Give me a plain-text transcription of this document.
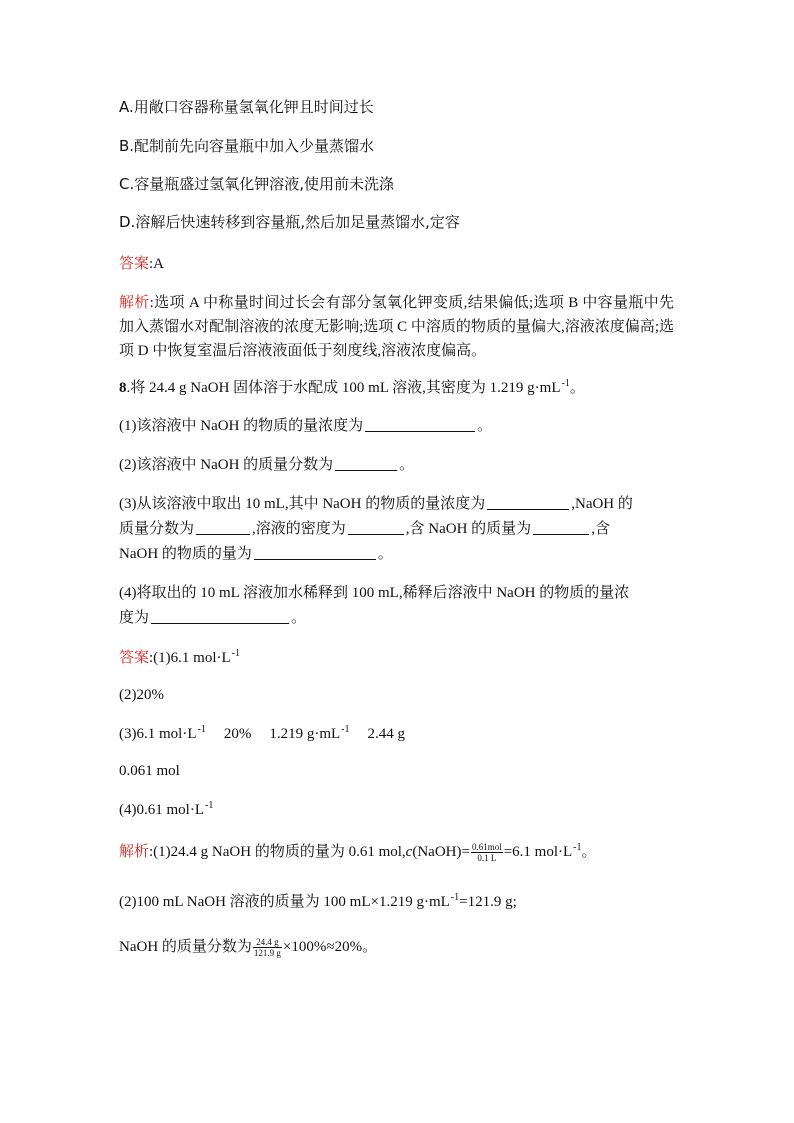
A.用敞口容器称量氢氧化钾且时间过长
B.配制前先向容量瓶中加入少量蒸馏水
C.容量瓶盛过氢氧化钾溶液,使用前未洗涤
D.溶解后快速转移到容量瓶,然后加足量蒸馏水,定容
答案:A
解析:选项 A 中称量时间过长会有部分氢氧化钾变质,结果偏低;选项 B 中容量瓶中先加入蒸馏水对配制溶液的浓度无影响;选项 C 中溶质的物质的量偏大,溶液浓度偏高;选项 D 中恢复室温后溶液液面低于刻度线,溶液浓度偏高。
8.将 24.4 g NaOH 固体溶于水配成 100 mL 溶液,其密度为 1.219 $g\cdot mL^{-1}$。
(1)该溶液中 NaOH 的物质的量浓度为	。
(2)该溶液中 NaOH 的质量分数为	。
(3)从该溶液中取出 10 mL,其中 NaOH 的物质的量浓度为	,NaOH 的
质量分数为	,溶液的密度为	,含 NaOH 的质量为	,含
NaOH 的物质的量为	。
(4)将取出的 10 mL 溶液加水稀释到 100 mL,稀释后溶液中 NaOH 的物质的量浓
度为	。
答案:(1)6.1 $mol\cdot L^{-1}$
(2)20%
(3)6.1 $mol\cdot L^{-1}$ 20% 1.219 $g\cdot mL^{-1}$ 2.44 g
0.061 mol
(4)0.61 $mol\cdot L^{-1}$
解析:(1)24.4 g NaOH 的物质的量为 0.61 mol,c(NaOH)= $\frac{\text{0.61mol}}{0.1 L} =6.1$ $mol\cdot L^{-1}$。
(2)100 mL NaOH 溶液的质量为 100 mL×1.219 $g\cdot mL^{-1}=121.9$ g;
NaOH 的质量分数为 $\frac{24.4 g}{121.9 g} \times 100\%\approx 20\%$。
